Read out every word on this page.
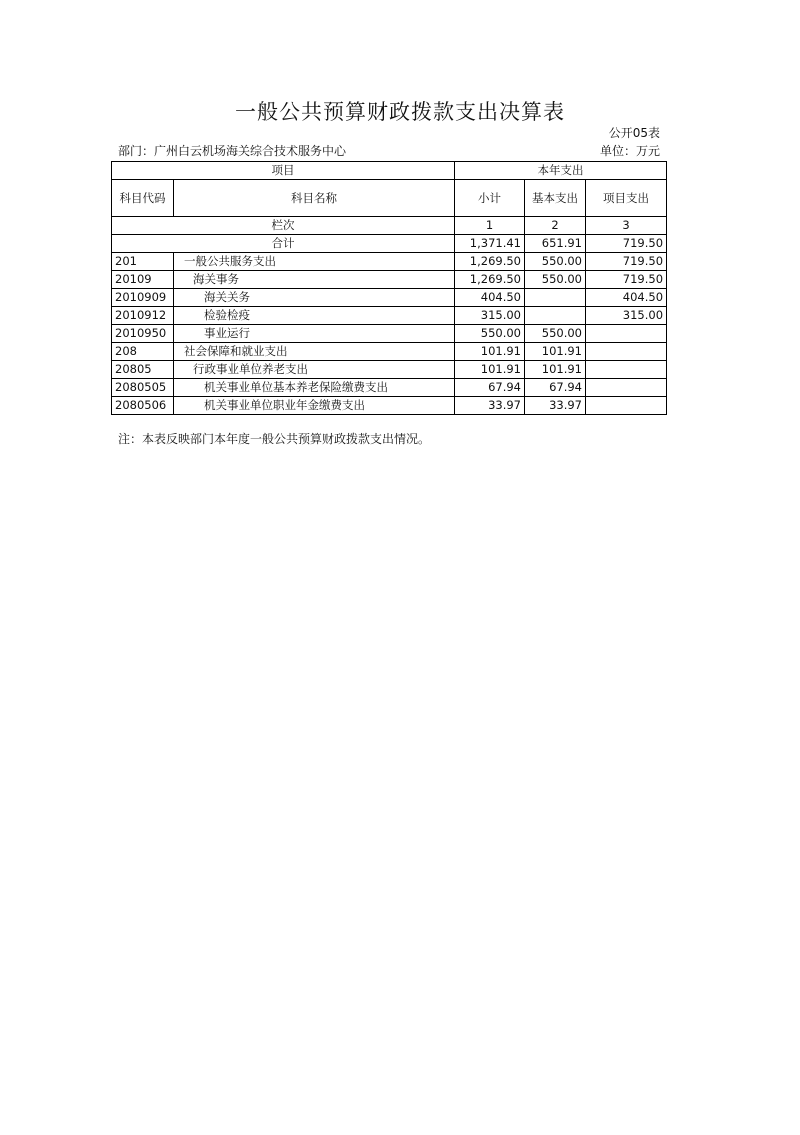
一般公共预算财政拨款支出决算表
公开05表
部门：广州白云机场海关综合技术服务中心	单位：万元
项目		本年支出		
科目代码	科目名称	小计	基本支出	项目支出
栏次		1	2	3
合计		1,371.41	651.91	719.50
201	一般公共服务支出	1,269.50	550.00	719.50
20109	海关事务	1,269.50	550.00	719.50
2010909	海关关务	404.50		404.50
2010912	检验检疫	315.00		315.00
2010950	事业运行	550.00	550.00	
208	社会保障和就业支出	101.91	101.91	
20805	行政事业单位养老支出	101.91	101.91	
2080505	机关事业单位基本养老保险缴费支出	67.94	67.94	
2080506	机关事业单位职业年金缴费支出	33.97	33.97	
注：本表反映部门本年度一般公共预算财政拨款支出情况。
